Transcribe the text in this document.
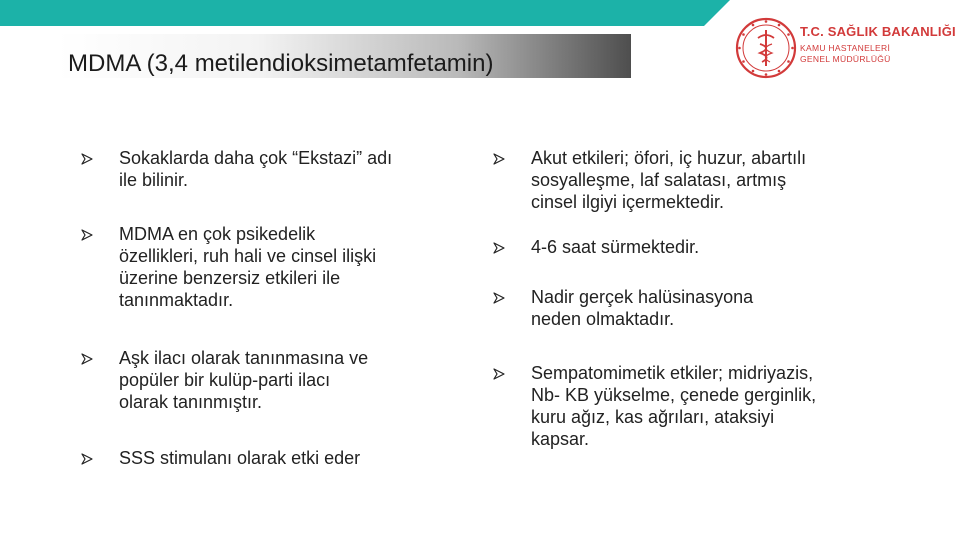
MDMA (3,4 metilendioksimetamfetamin)
T.C. SAĞLIK BAKANLIĞI
KAMU HASTANELERİ
GENEL MÜDÜRLÜĞÜ
Sokaklarda daha çok “Ekstazi” adı
ile bilinir.
MDMA en çok psikedelik
özellikleri, ruh hali ve cinsel ilişki
üzerine benzersiz etkileri ile
tanınmaktadır.
Aşk ilacı olarak tanınmasına ve
popüler bir kulüp-parti ilacı
olarak tanınmıştır.
SSS stimulanı olarak etki eder
Akut etkileri; öfori, iç huzur, abartılı
sosyalleşme, laf salatası, artmış
cinsel ilgiyi içermektedir.
4-6 saat sürmektedir.
Nadir gerçek halüsinasyona
neden olmaktadır.
Sempatomimetik etkiler; midriyazis,
Nb- KB yükselme, çenede gerginlik,
kuru ağız, kas ağrıları, ataksiyi
kapsar.
